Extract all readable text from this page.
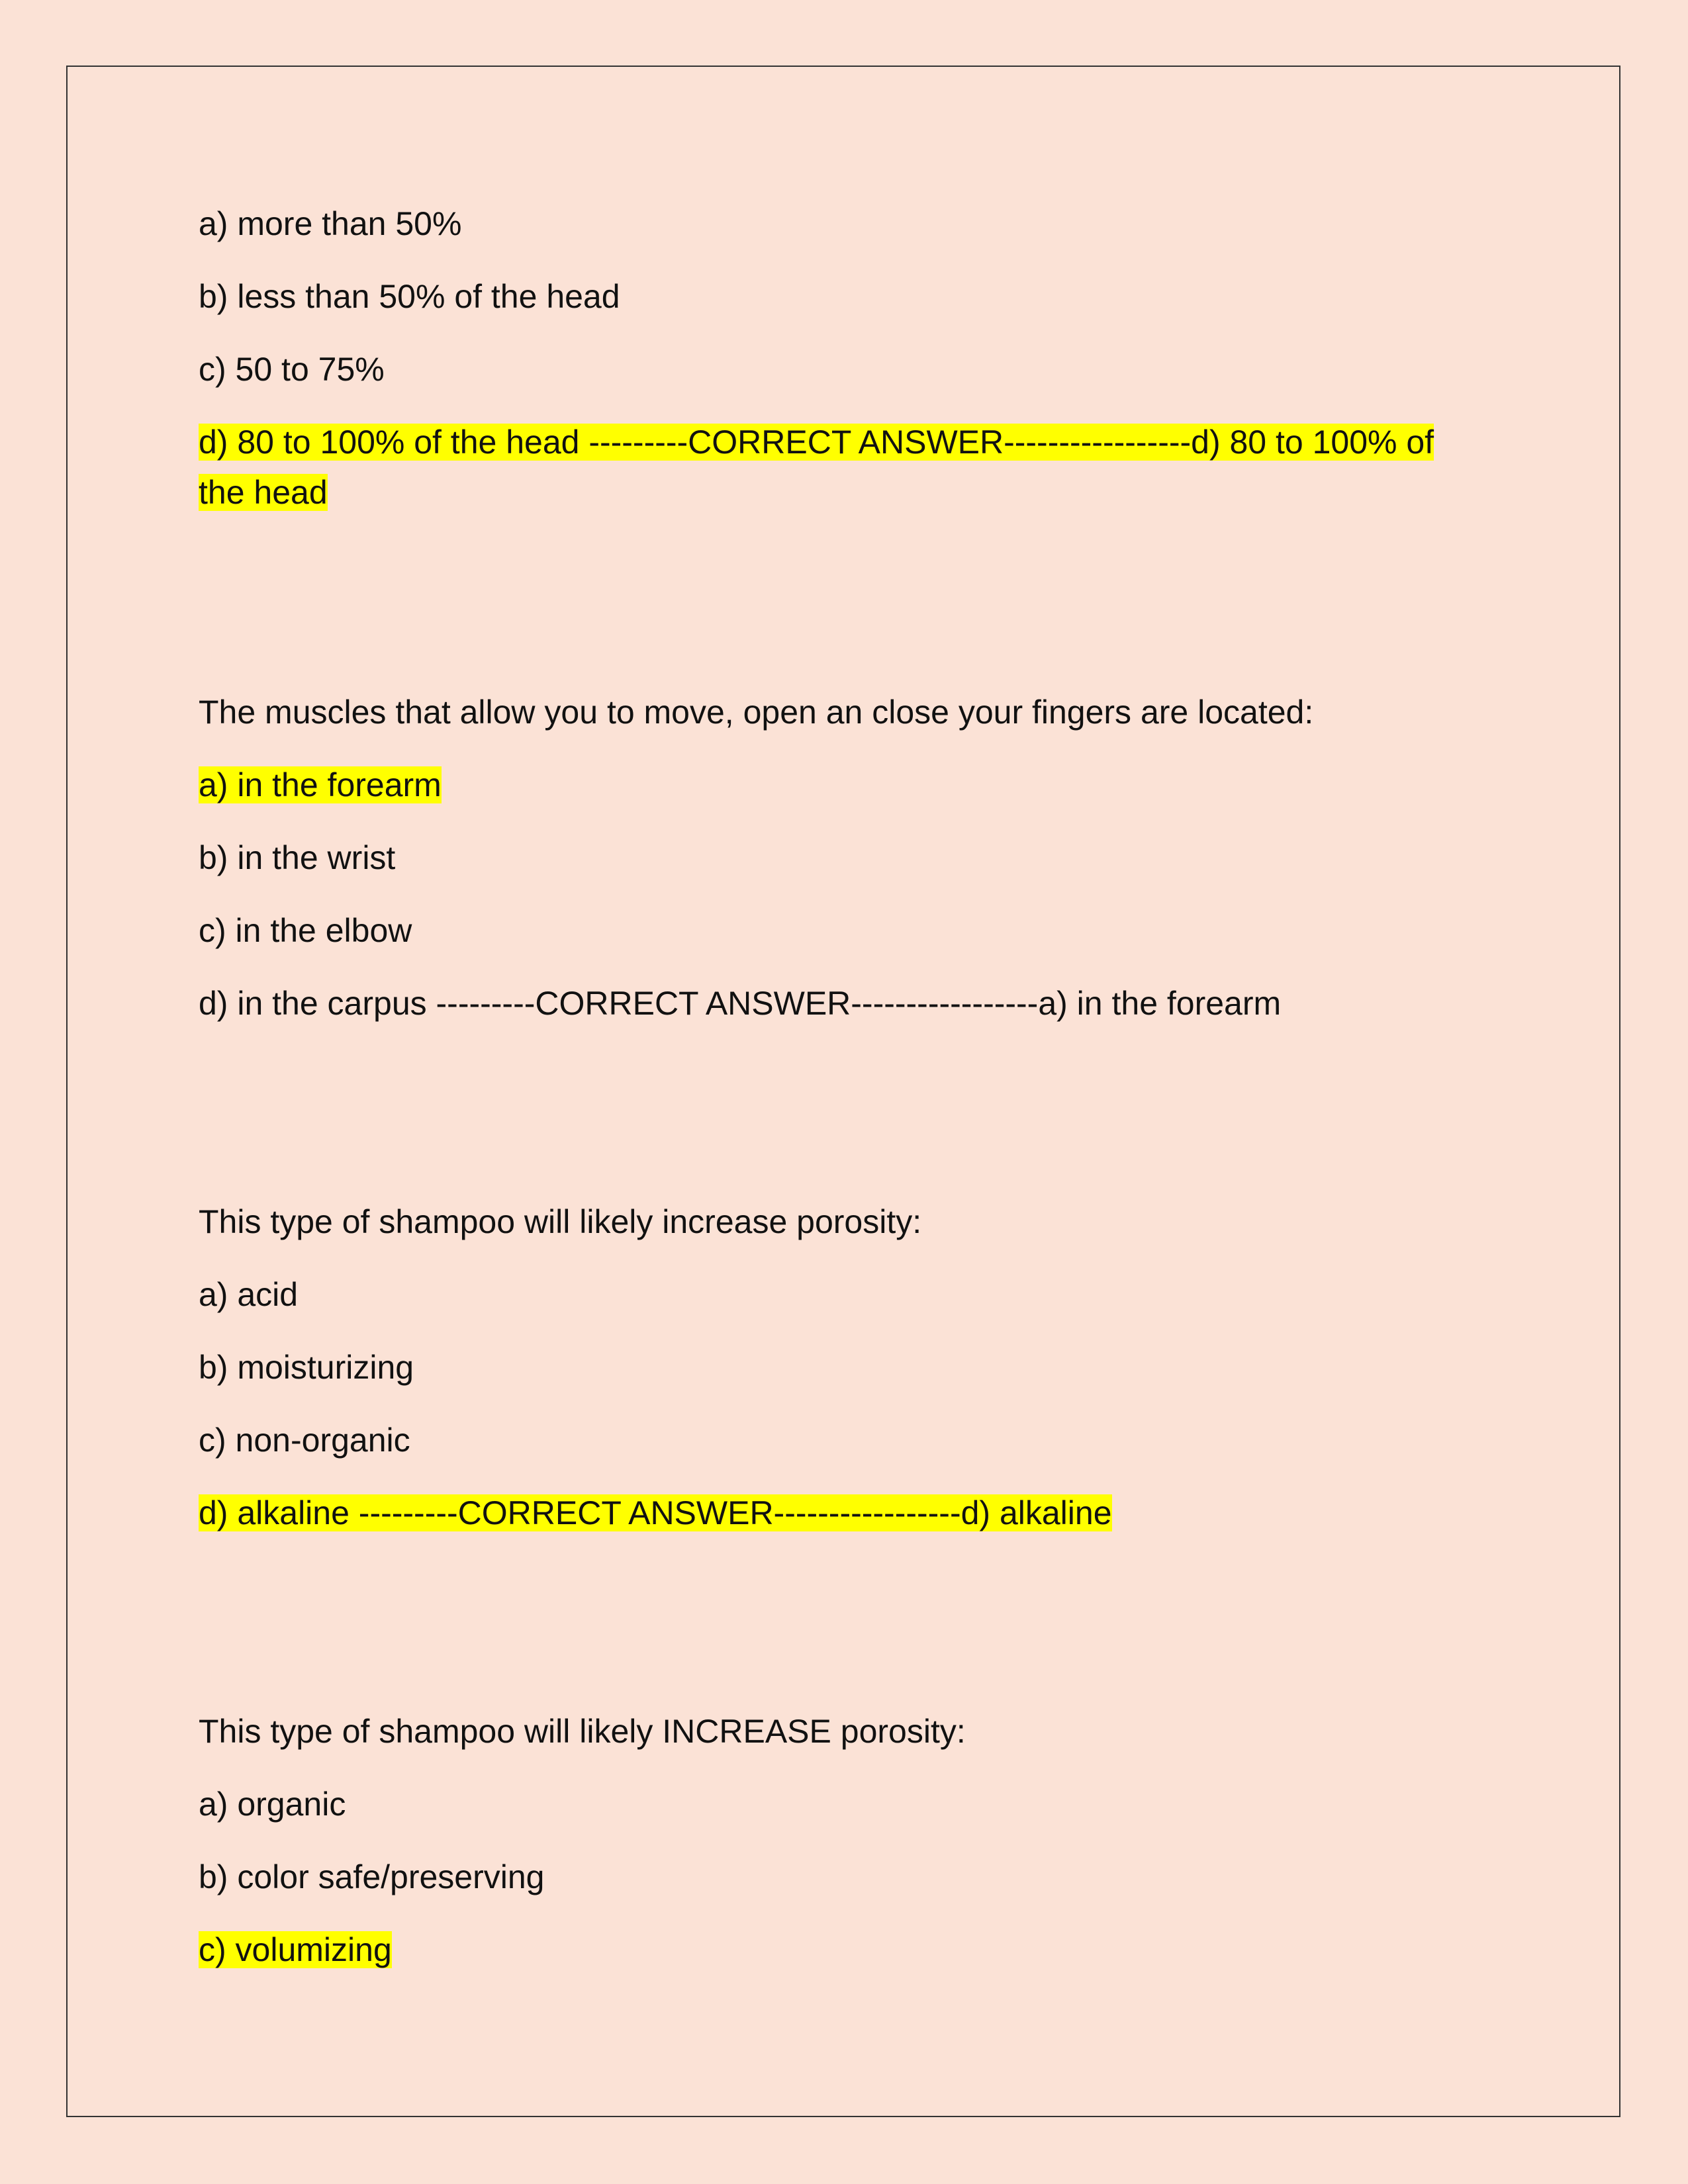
a) more than 50%
b) less than 50% of the head
c) 50 to 75%
d) 80 to 100% of the head ---------CORRECT ANSWER-----------------d) 80 to 100% of the head
The muscles that allow you to move, open an close your fingers are located:
a) in the forearm
b) in the wrist
c) in the elbow
d) in the carpus ---------CORRECT ANSWER-----------------a) in the forearm
This type of shampoo will likely increase porosity:
a) acid
b) moisturizing
c) non-organic
d) alkaline ---------CORRECT ANSWER-----------------d) alkaline
This type of shampoo will likely INCREASE porosity:
a) organic
b) color safe/preserving
c) volumizing
